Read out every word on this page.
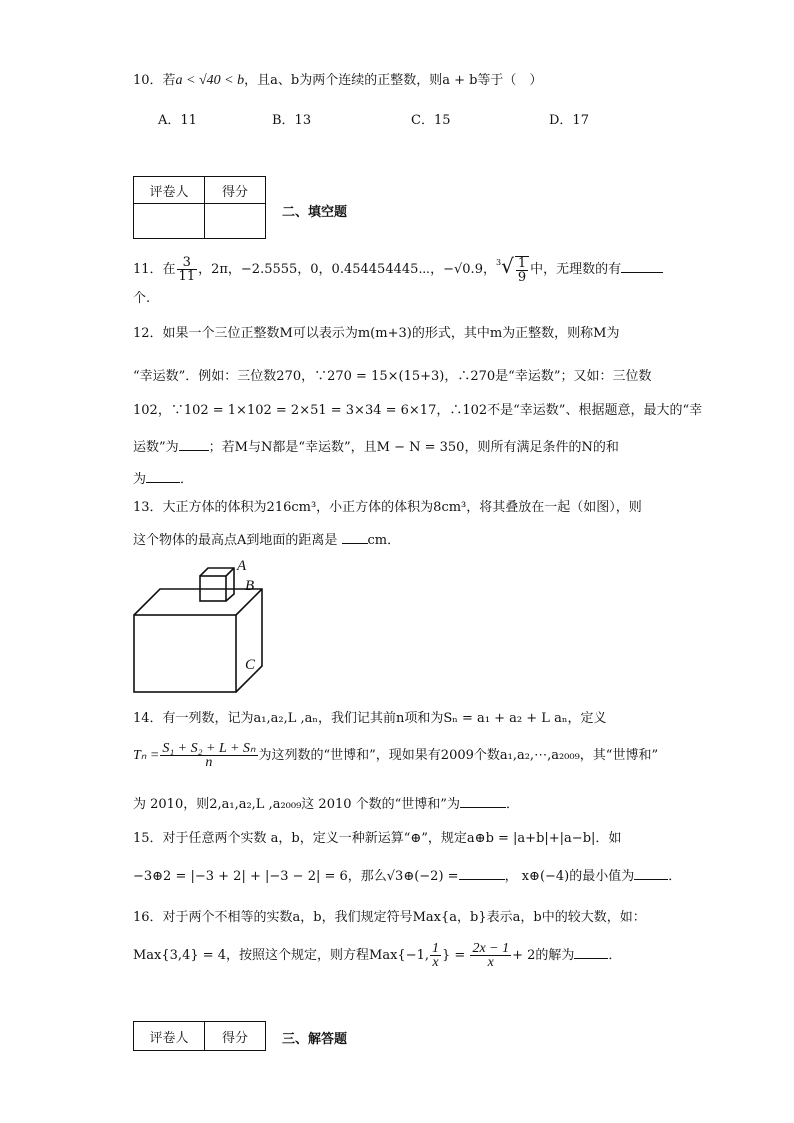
10．若a < √40 < b，且a、b为两个连续的正整数，则a + b等于（　）
A．11	B．13	C．15	D．17
评卷人	得分

二、填空题
11．在 $\frac{3}{11}$ ，2π，−2.5555，0，0.454454445⋯，−√0.9，$^3√ \frac{1}{9}$ 中，无理数的有
个.
12．如果一个三位正整数M可以表示为m(m+3)的形式，其中m为正整数，则称M为
“幸运数”．例如：三位数270，∵270 = 15×(15+3)，∴270是“幸运数”；又如：三位数
102，∵102 = 1×102 = 2×51 = 3×34 = 6×17，∴102不是“幸运数”、根据题意，最大的“幸
运数”为 ；若M与N都是“幸运数”，且M − N = 350，则所有满足条件的N的和
为	．
13．大正方体的体积为216cm³，小正方体的体积为8cm³，将其叠放在一起（如图），则
这个物体的最高点A到地面的距离是 cm．
A
B
C
14．有一列数，记为a₁,a₂,L ,aₙ，我们记其前n项和为Sₙ = a₁ + a₂ + L aₙ，定义
$T_n = \frac{\text{S₁ + S₂ + L + Sₙ}}{n}$ 为这列数的“世博和”，现如果有2009个数a₁,a₂,⋯,a₂₀₀₉，其“世博和”
为 2010，则2,a₁,a₂,L ,a₂₀₀₉这 2010 个数的“世博和”为	．
15．对于任意两个实数 a，b，定义一种新运算“⊕”，规定a⊕b = |a+b|+|a−b|．如
−3⊕2 = |−3 + 2| + |−3 − 2| = 6，那么√3⊕(−2) =	， x⊕(−4)的最小值为	．
16．对于两个不相等的实数a，b，我们规定符号Max{a，b}表示a，b中的较大数，如：
Max{3,4} = 4，按照这个规定，则方程Max{−1, $\frac{1}{x}$ } = $\frac{2x - 1}{x} + 2$的解为	．
评卷人	得分	三、解答题
